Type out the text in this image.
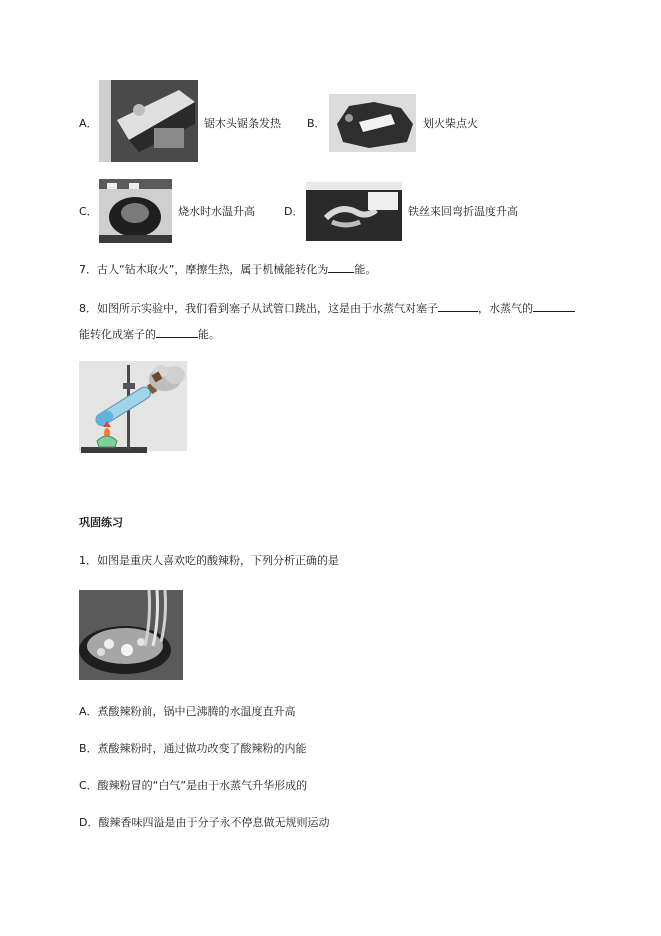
A．	锯木头锯条发热 B．	划火柴点火
C．	烧水时水温升高	D．	铁丝来回弯折温度升高
7．古人“钻木取火”，摩擦生热，属于机械能转化为 能。
8．如图所示实验中，我们看到塞子从试管口跳出，这是由于水蒸气对塞子	，水蒸气的
能转化成塞子的	能。
巩固练习
1．如图是重庆人喜欢吃的酸辣粉，下列分析正确的是
A．煮酸辣粉前，锅中已沸腾的水温度直升高
B．煮酸辣粉时，通过做功改变了酸辣粉的内能
C．酸辣粉冒的“白气”是由于水蒸气升华形成的
D．酸辣香味四溢是由于分子永不停息做无规则运动
